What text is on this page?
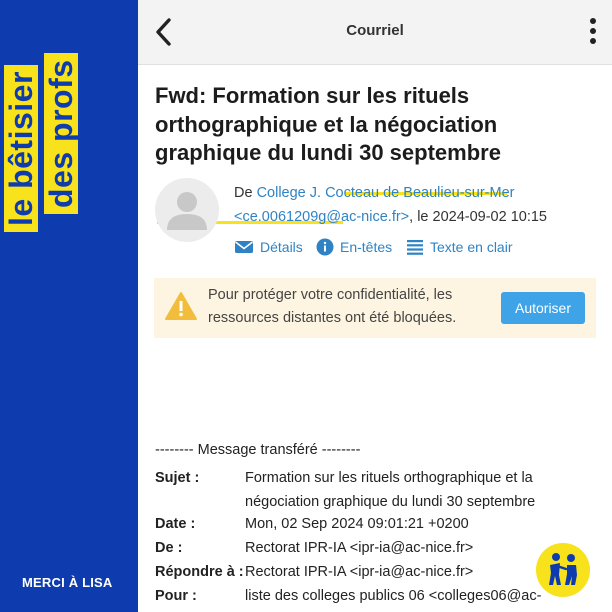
le bêtisier des profs
MERCI À LISA
Courriel
Fwd: Formation sur les rituels
orthographique et la négociation
graphique du lundi 30 septembre
De College J. Cocteau de Beaulieu-sur-Mer
<ce.0061209g@ac-nice.fr>, le 2024-09-02 10:15
Détails	En-têtes	Texte en clair
Pour protéger votre confidentialité, les
ressources distantes ont été bloquées.
Autoriser
-------- Message transféré --------
Sujet :	Formation sur les rituels orthographique et la négociation graphique du lundi 30 septembre
Date :	Mon, 02 Sep 2024 09:01:21 +0200
De :	Rectorat IPR-IA <ipr-ia@ac-nice.fr>
Répondre à : Rectorat IPR-IA <ipr-ia@ac-nice.fr>
Pour :	liste des colleges publics 06 <colleges06@ac-
